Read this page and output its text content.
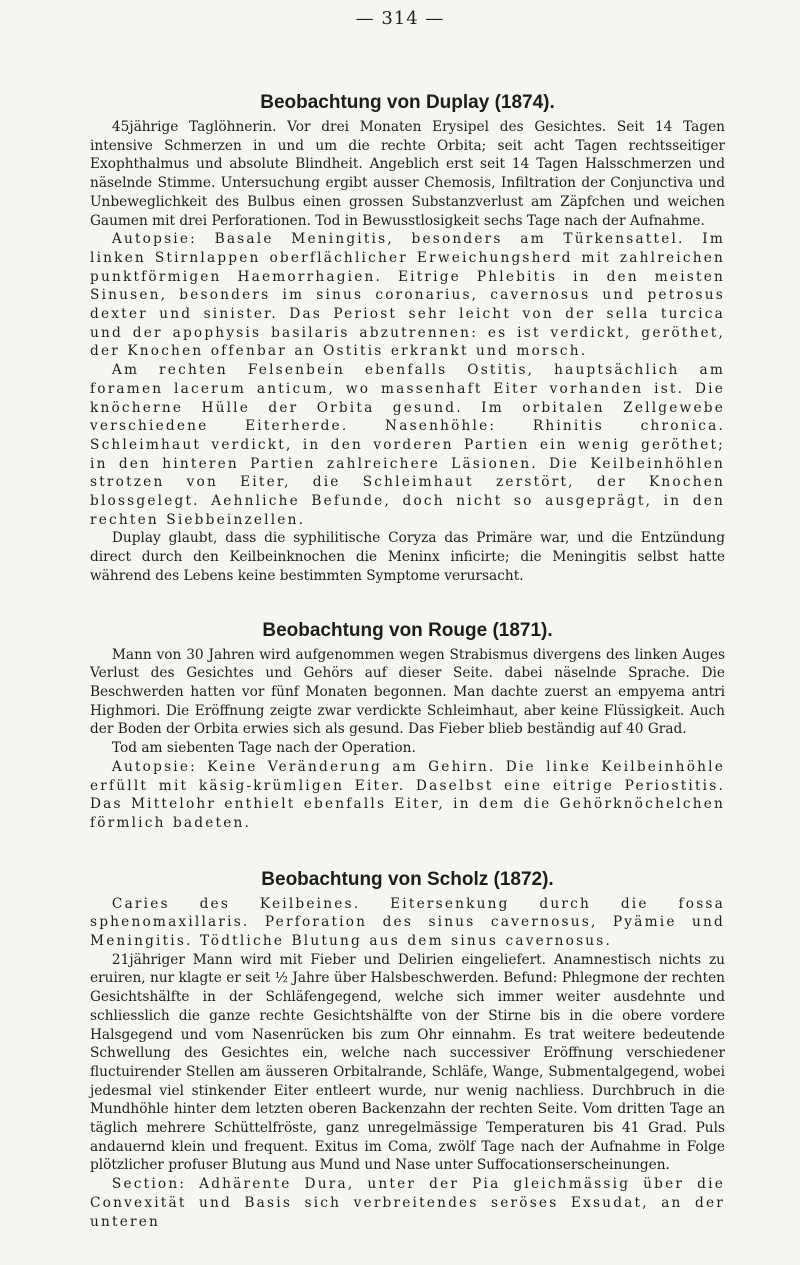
— 314 —
Beobachtung von Duplay (1874).

45jährige Taglöhnerin. Vor drei Monaten Erysipel des Gesichtes. Seit 14 Tagen intensive Schmerzen in und um die rechte Orbita; seit acht Tagen rechtsseitiger Exophthalmus und absolute Blindheit. Angeblich erst seit 14 Tagen Halsschmerzen und näselnde Stimme. Untersuchung ergibt ausser Chemosis, Infiltration der Conjunctiva und Unbeweglichkeit des Bulbus einen grossen Substanzverlust am Zäpfchen und weichen Gaumen mit drei Perforationen. Tod in Bewusstlosigkeit sechs Tage nach der Aufnahme.

Autopsie: Basale Meningitis, besonders am Türkensattel. Im linken Stirnlappen oberflächlicher Erweichungsherd mit zahlreichen punktförmigen Haemorrhagien. Eitrige Phlebitis in den meisten Sinusen, besonders im sinus coronarius, cavernosus und petrosus dexter und sinister. Das Periost sehr leicht von der sella turcica und der apophysis basilaris abzutrennen: es ist verdickt, geröthet, der Knochen offenbar an Ostitis erkrankt und morsch.

Am rechten Felsenbein ebenfalls Ostitis, hauptsächlich am foramen lacerum anticum, wo massenhaft Eiter vorhanden ist. Die knöcherne Hülle der Orbita gesund. Im orbitalen Zellgewebe verschiedene Eiterherde. Nasenhöhle: Rhinitis chronica. Schleimhaut verdickt, in den vorderen Partien ein wenig geröthet; in den hinteren Partien zahlreichere Läsionen. Die Keilbeinhöhlen strotzen von Eiter, die Schleimhaut zerstört, der Knochen blossgelegt. Aehnliche Befunde, doch nicht so ausgeprägt, in den rechten Siebbeinzellen.

Duplay glaubt, dass die syphilitische Coryza das Primäre war, und die Entzündung direct durch den Keilbeinknochen die Meninx inficirte; die Meningitis selbst hatte während des Lebens keine bestimmten Symptome verursacht.

Beobachtung von Rouge (1871).

Mann von 30 Jahren wird aufgenommen wegen Strabismus divergens des linken Auges Verlust des Gesichtes und Gehörs auf dieser Seite. dabei näselnde Sprache. Die Beschwerden hatten vor fünf Monaten begonnen. Man dachte zuerst an empyema antri Highmori. Die Eröffnung zeigte zwar verdickte Schleimhaut, aber keine Flüssigkeit. Auch der Boden der Orbita erwies sich als gesund. Das Fieber blieb beständig auf 40 Grad.

Tod am siebenten Tage nach der Operation.

Autopsie: Keine Veränderung am Gehirn. Die linke Keilbeinhöhle erfüllt mit käsig-krümligen Eiter. Daselbst eine eitrige Periostitis. Das Mittelohr enthielt ebenfalls Eiter, in dem die Gehörknöchelchen förmlich badeten.

Beobachtung von Scholz (1872).

Caries des Keilbeines. Eitersenkung durch die fossa sphenomaxillaris. Perforation des sinus cavernosus, Pyämie und Meningitis. Tödtliche Blutung aus dem sinus cavernosus.

21jähriger Mann wird mit Fieber und Delirien eingeliefert. Anamnestisch nichts zu eruiren, nur klagte er seit ½ Jahre über Halsbeschwerden. Befund: Phlegmone der rechten Gesichtshälfte in der Schläfengegend, welche sich immer weiter ausdehnte und schliesslich die ganze rechte Gesichtshälfte von der Stirne bis in die obere vordere Halsgegend und vom Nasenrücken bis zum Ohr einnahm. Es trat weitere bedeutende Schwellung des Gesichtes ein, welche nach successiver Eröffnung verschiedener fluctuirender Stellen am äusseren Orbitalrande, Schläfe, Wange, Submentalgegend, wobei jedesmal viel stinkender Eiter entleert wurde, nur wenig nachliess. Durchbruch in die Mundhöhle hinter dem letzten oberen Backenzahn der rechten Seite. Vom dritten Tage an täglich mehrere Schüttelfröste, ganz unregelmässige Temperaturen bis 41 Grad. Puls andauernd klein und frequent. Exitus im Coma, zwölf Tage nach der Aufnahme in Folge plötzlicher profuser Blutung aus Mund und Nase unter Suffocationserscheinungen.

Section: Adhärente Dura, unter der Pia gleichmässig über die Convexität und Basis sich verbreitendes seröses Exsudat, an der unteren
